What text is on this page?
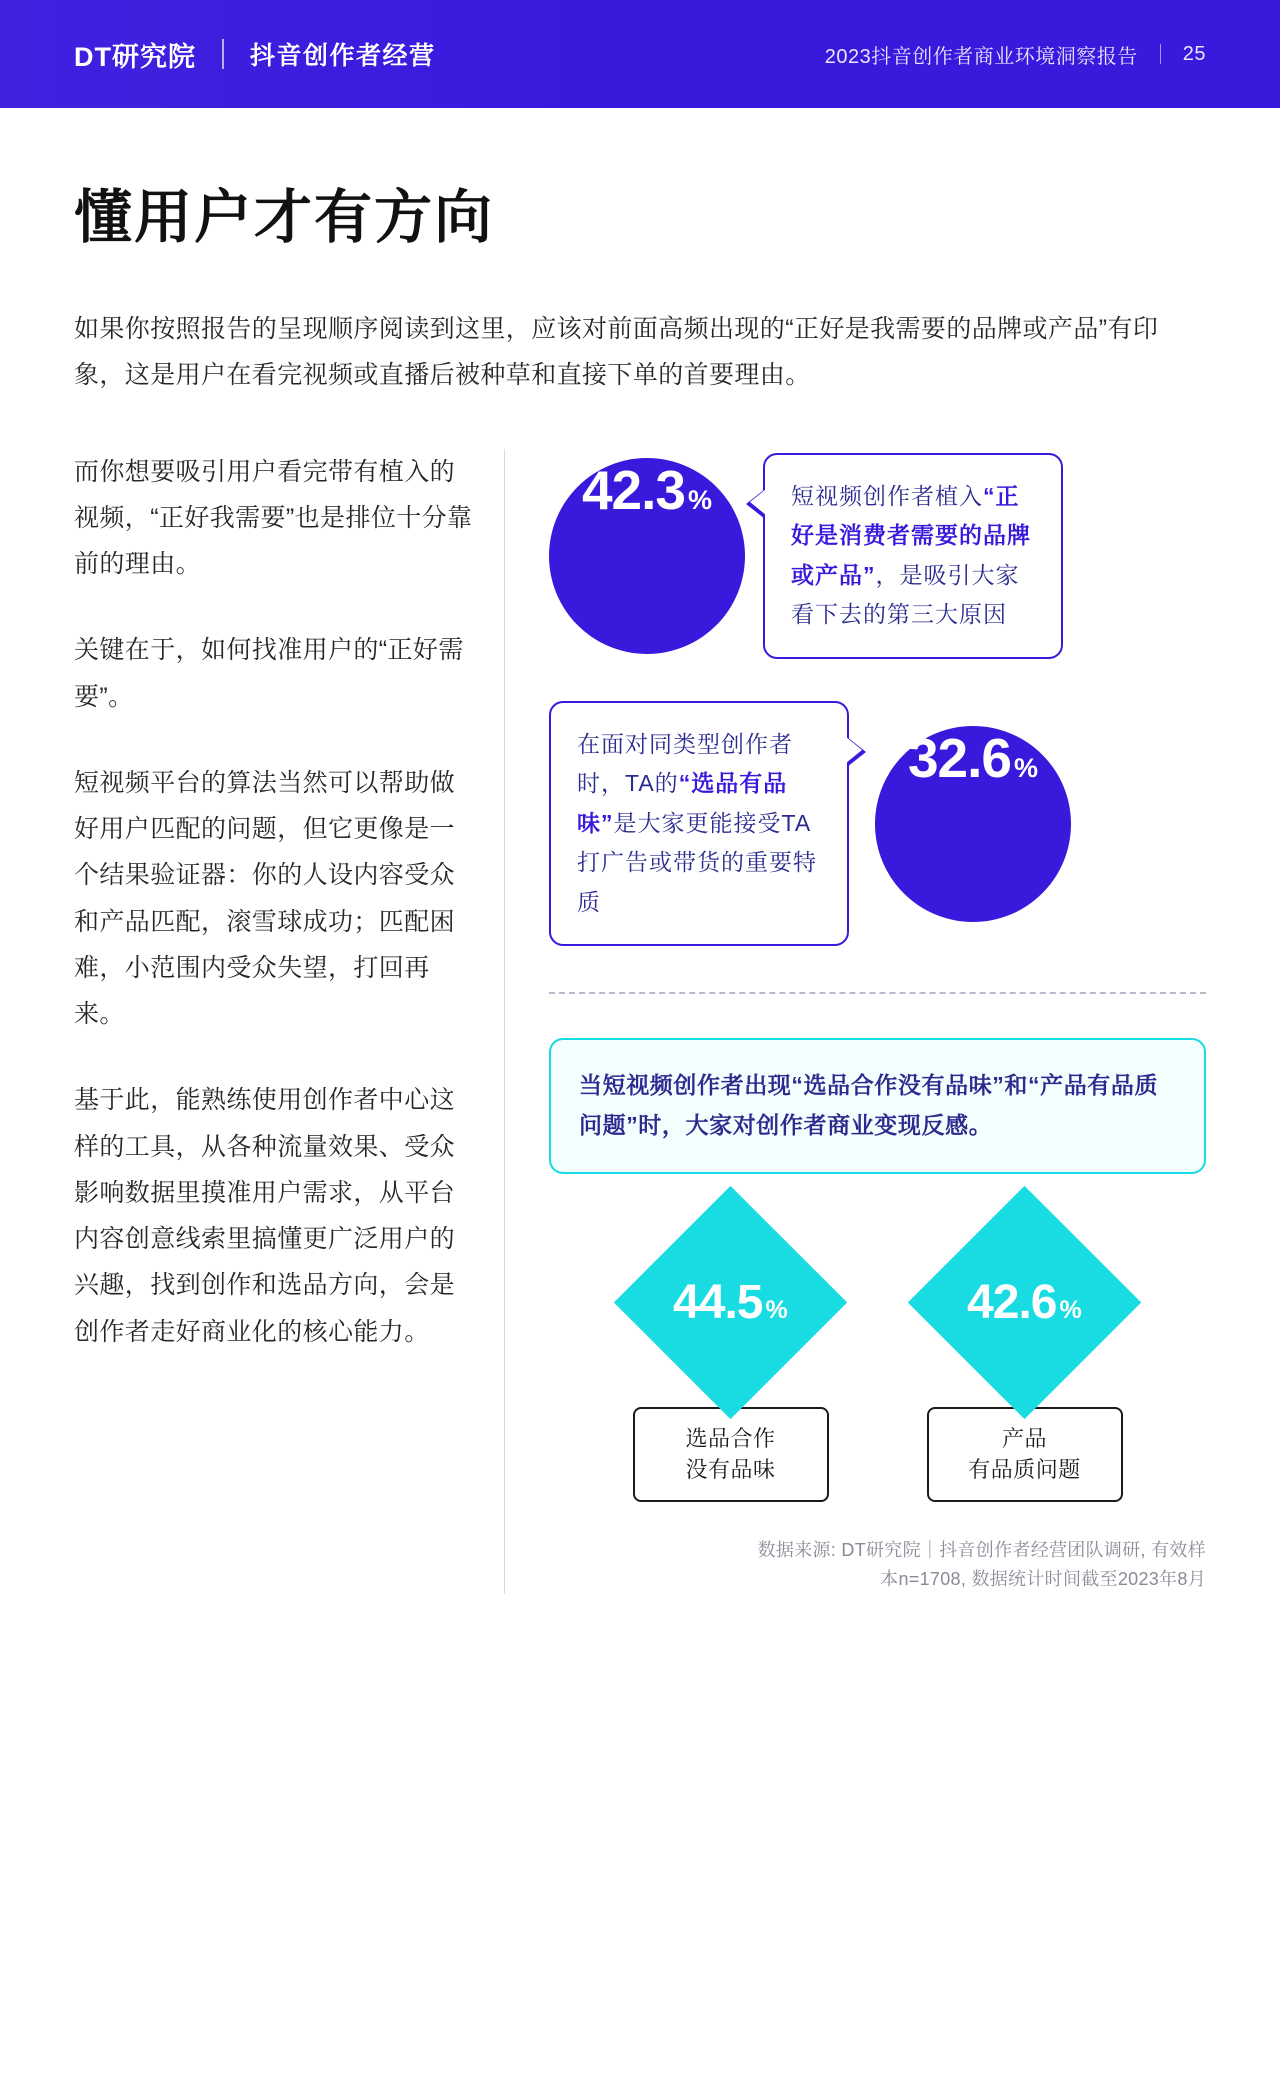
DT研究院 抖音创作者经营	2023抖音创作者商业环境洞察报告 25
懂用户才有方向

如果你按照报告的呈现顺序阅读到这里，应该对前面高频出现的“正好是我需要的品牌或产品”有印象，这是用户在看完视频或直播后被种草和直接下单的首要理由。

而你想要吸引用户看完带有植入的视频，“正好我需要”也是排位十分靠前的理由。

关键在于，如何找准用户的“正好需要”。

短视频平台的算法当然可以帮助做好用户匹配的问题，但它更像是一个结果验证器：你的人设内容受众和产品匹配，滚雪球成功；匹配困难，小范围内受众失望，打回再来。

基于此，能熟练使用创作者中心这样的工具，从各种流量效果、受众影响数据里摸准用户需求，从平台内容创意线索里搞懂更广泛用户的兴趣，找到创作和选品方向，会是创作者走好商业化的核心能力。

42.3 %	短视频创作者植入“正好是消费者需要的品牌或产品”，是吸引大家看下去的第三大原因
在面对同类型创作者时，TA的“选品有品味”是大家更能接受TA打广告或带货的重要特质
32.6 %
当短视频创作者出现“选品合作没有品味”和“产品有品质问题”时，大家对创作者商业变现反感。
44.5 %
选品合作
没有品味
42.6 %
产品
有品质问题
数据来源: DT研究院｜抖音创作者经营团队调研, 有效样
本n=1708, 数据统计时间截至2023年8月
